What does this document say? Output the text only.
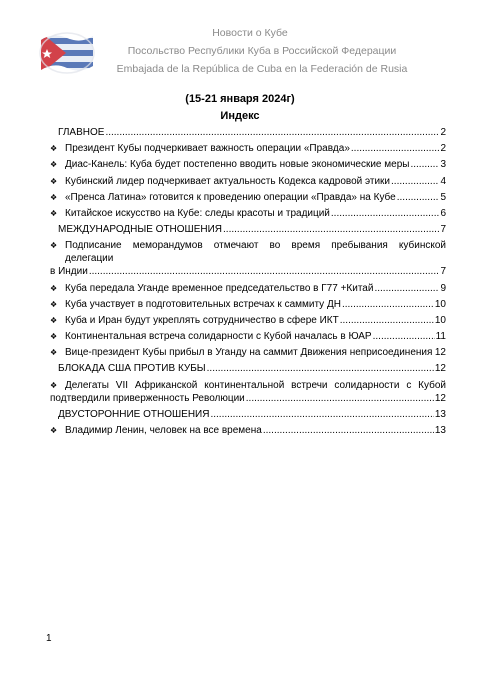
Новости о Кубе
Посольство Республики Куба в Российской Федерации
Embajada de la República de Cuba en la Federación de Rusia
(15-21 января 2024г)
Индекс
ГЛАВНОЕ .....	2
❖ Президент Кубы подчеркивает важность операции «Правда» .....	2
❖ Диас-Канель: Куба будет постепенно вводить новые экономические меры .....	3
❖ Кубинский лидер подчеркивает актуальность Кодекса кадровой этики .....	4
❖ «Пренса Латина» готовится к проведению операции «Правда» на Кубе .....	5
❖ Китайское искусство на Кубе: следы красоты и традиций .....	6
МЕЖДУНАРОДНЫЕ ОТНОШЕНИЯ .....	7
❖ Подписание меморандумов отмечают во время пребывания кубинской делегации
в Индии .....	7
❖ Куба передала Уганде временное председательство в Г77 +Китай .....	9
❖ Куба участвует в подготовительных встречах к саммиту ДН .....	10
❖ Куба и Иран будут укреплять сотрудничество в сфере ИКТ .....	10
❖ Континентальная встреча солидарности с Кубой началась в ЮАР .....	11
❖ Вице-президент Кубы прибыл в Уганду на саммит Движения неприсоединения ..... 12
БЛОКАДА США ПРОТИВ КУБЫ .....	12
❖ Делегаты VII Африканской континентальной встречи солидарности с Кубой
подтвердили приверженность Революции .....	12
ДВУСТОРОННИЕ ОТНОШЕНИЯ .....	13
❖ Владимир Ленин, человек на все времена .....	13
1
